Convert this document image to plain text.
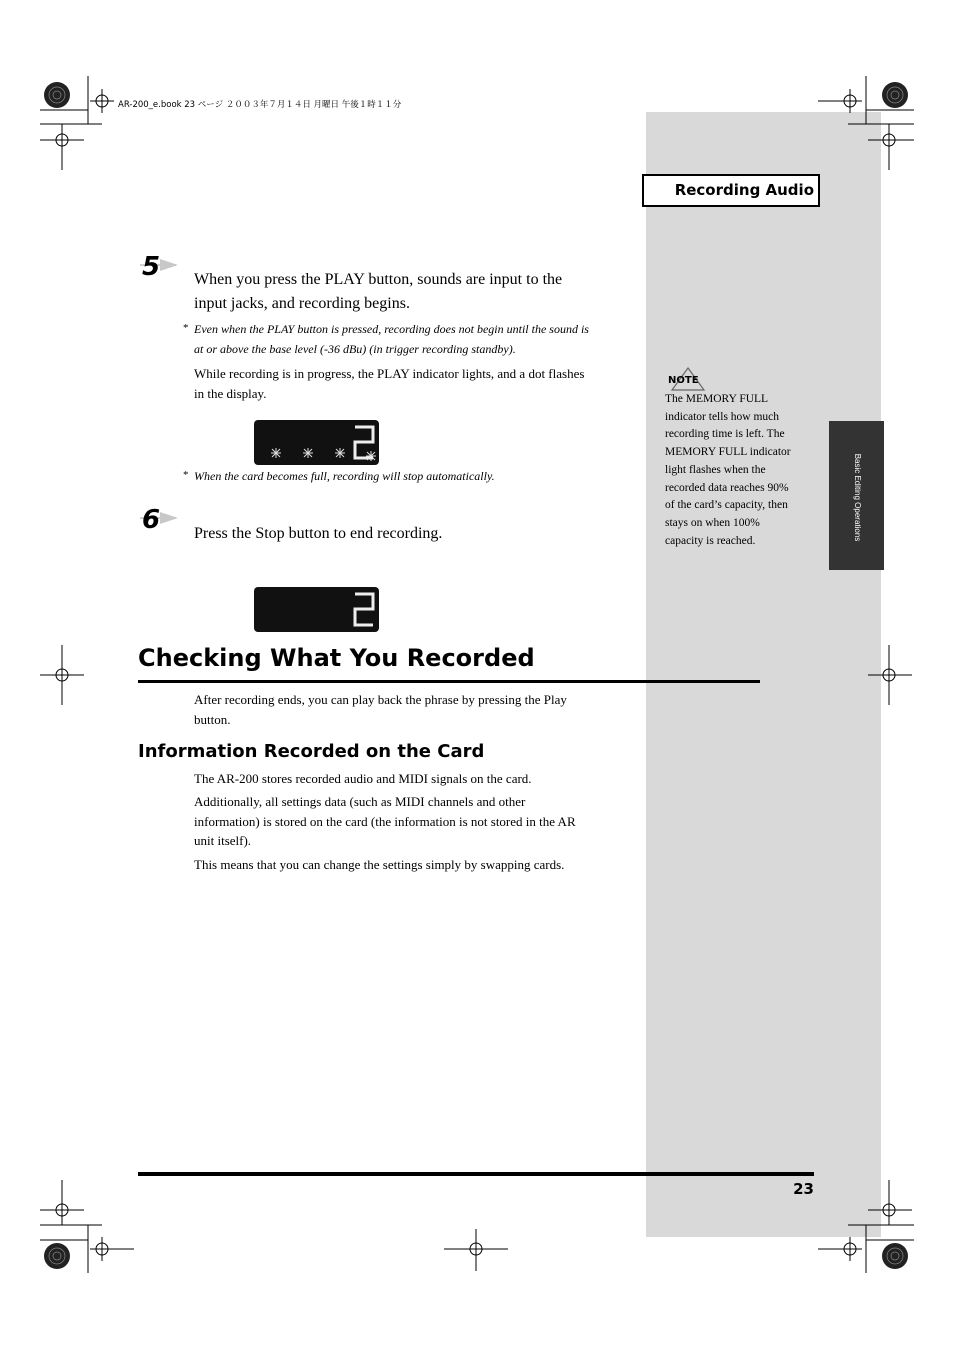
Basic Editing Operations
AR-200_e.book 23 ページ ２００３年７月１４日 月曜日 午後１時１１分
Recording Audio
5 When you press the PLAY button, sounds are input to the

input jacks, and recording begins.

* Even when the PLAY button is pressed, recording does not begin until the sound is

at or above the base level (-36 dBu) (in trigger recording standby).

While recording is in progress, the PLAY indicator lights, and a dot flashes

in the display.

* When the card becomes full, recording will stop automatically.
6 Press the Stop button to end recording.
Checking What You Recorded

After recording ends, you can play back the phrase by pressing the Play

button.

Information Recorded on the Card
The AR-200 stores recorded audio and MIDI signals on the card.

Additionally, all settings data (such as MIDI channels and other

information) is stored on the card (the information is not stored in the AR

unit itself).

This means that you can change the settings simply by swapping cards.
NOTE

The MEMORY FULL

indicator tells how much

recording time is left. The

MEMORY FULL indicator

light flashes when the

recorded data reaches 90%

of the card’s capacity, then

stays on when 100%

capacity is reached.

23
